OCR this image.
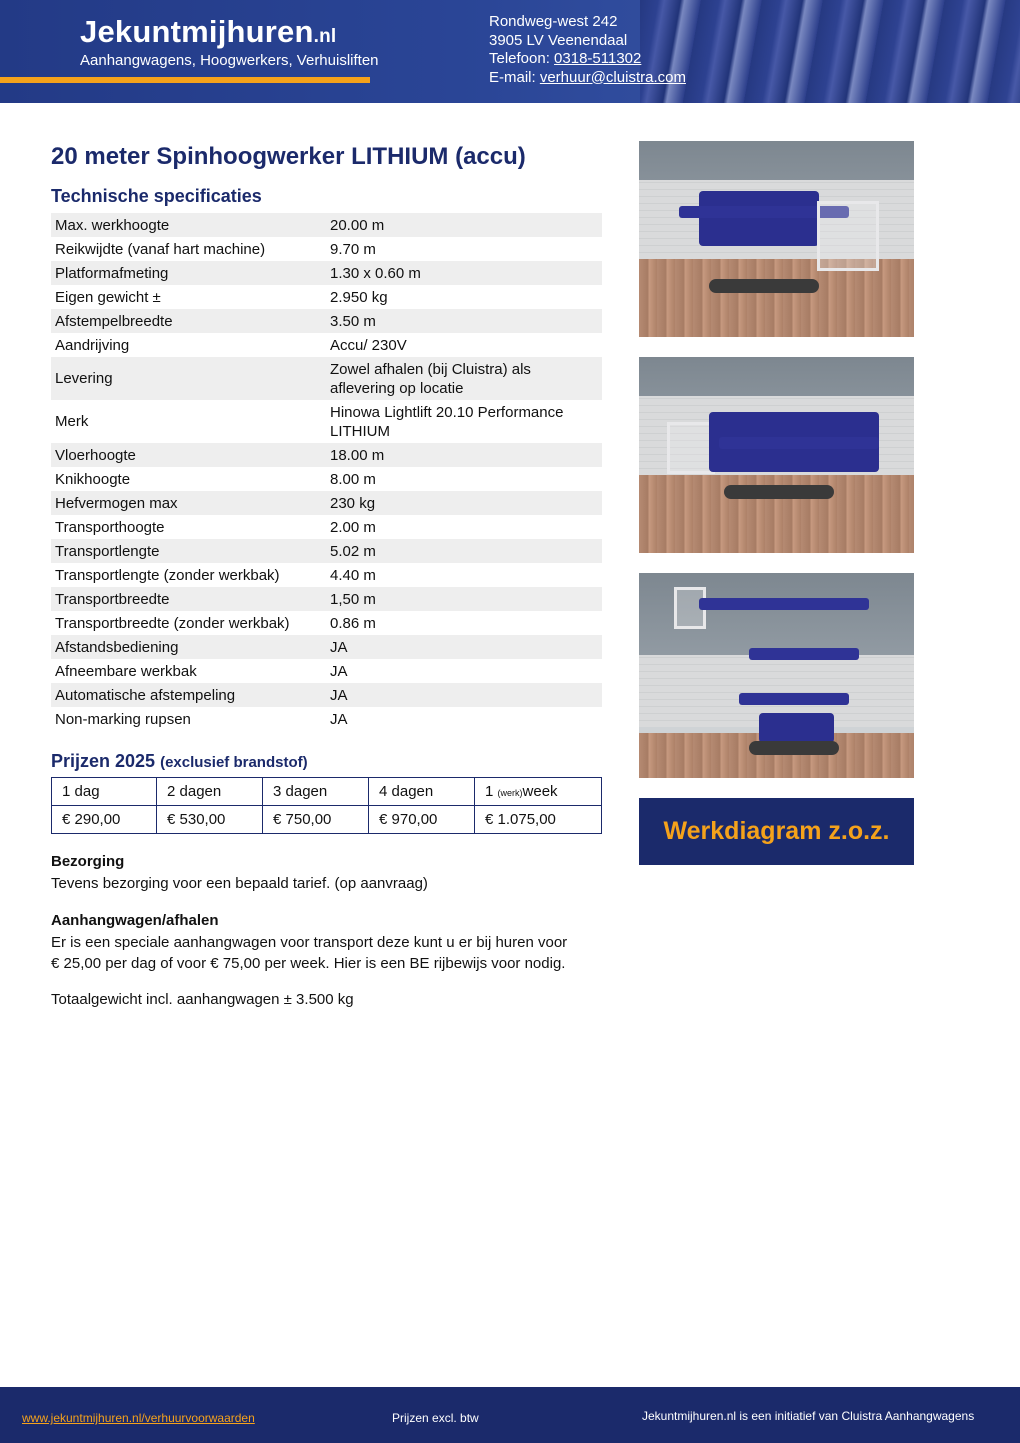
Jekuntmijhuren.nl
Aanhangwagens, Hoogwerkers, Verhuisliften
Rondweg-west 242
3905 LV Veenendaal
Telefoon: 0318-511302
E-mail: verhuur@cluistra.com
20 meter Spinhoogwerker LITHIUM (accu)
Technische specificaties
Max. werkhoogte	20.00 m
Reikwijdte (vanaf hart machine)	9.70 m
Platformafmeting	1.30 x 0.60 m
Eigen gewicht ±	2.950 kg
Afstempelbreedte	3.50 m
Aandrijving	Accu/ 230V
Levering	Zowel afhalen (bij Cluistra) als aflevering op locatie
Merk	Hinowa Lightlift 20.10 Performance LITHIUM
Vloerhoogte	18.00 m
Knikhoogte	8.00 m
Hefvermogen max	230 kg
Transporthoogte	2.00 m
Transportlengte	5.02 m
Transportlengte (zonder werkbak)	4.40 m
Transportbreedte	1,50 m
Transportbreedte (zonder werkbak)	0.86 m
Afstandsbediening	JA
Afneembare werkbak	JA
Automatische afstempeling	JA
Non-marking rupsen	JA
Prijzen 2025 (exclusief brandstof)
1 dag	2 dagen	3 dagen	4 dagen	1 (werk)week
€ 290,00	€ 530,00	€ 750,00	€ 970,00	€ 1.075,00
Bezorging
Tevens bezorging voor een bepaald tarief. (op aanvraag)
Aanhangwagen/afhalen
Er is een speciale aanhangwagen voor transport deze kunt u er bij huren voor
€ 25,00 per dag of voor € 75,00 per week. Hier is een BE rijbewijs voor nodig.
Totaalgewicht incl. aanhangwagen ± 3.500 kg
Werkdiagram z.o.z.
www.jekuntmijhuren.nl/verhuurvoorwaarden	Prijzen excl. btw	Jekuntmijhuren.nl is een initiatief van Cluistra Aanhangwagens
